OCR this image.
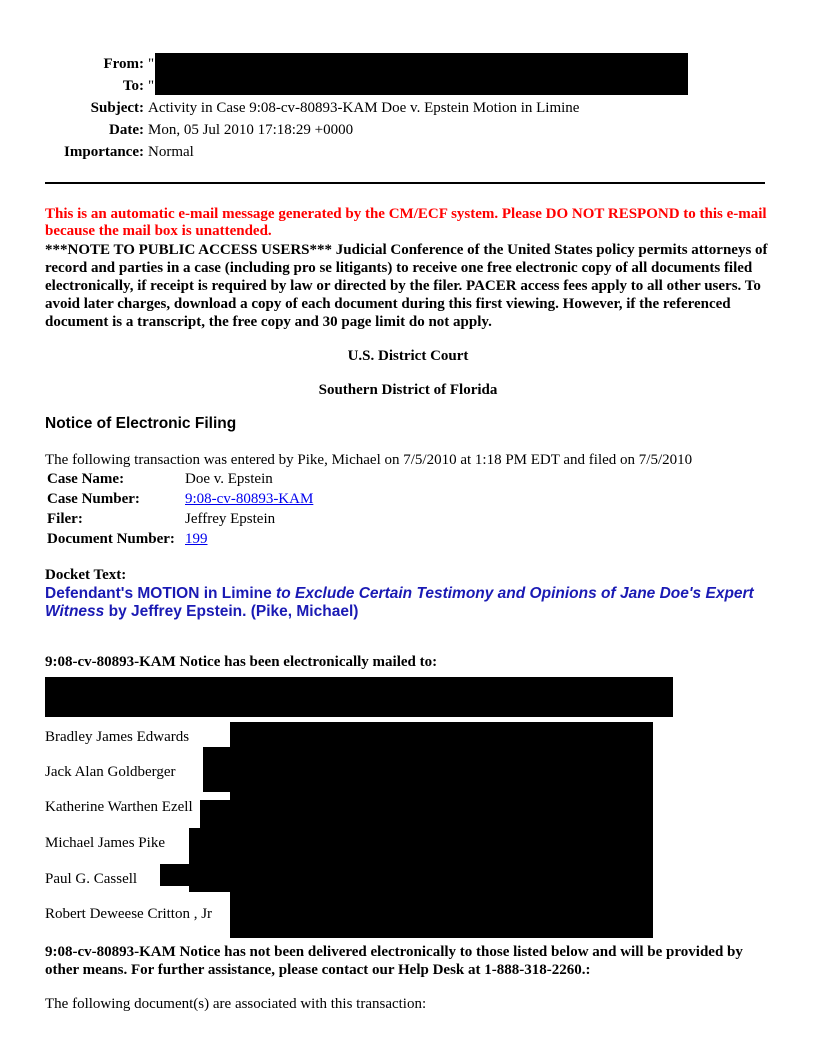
From: "
To: "
Subject: Activity in Case 9:08-cv-80893-KAM Doe v. Epstein Motion in Limine
Date: Mon, 05 Jul 2010 17:18:29 +0000
Importance: Normal
This is an automatic e-mail message generated by the CM/ECF system. Please DO NOT RESPOND to this e-mail because the mail box is unattended.
***NOTE TO PUBLIC ACCESS USERS*** Judicial Conference of the United States policy permits attorneys of record and parties in a case (including pro se litigants) to receive one free electronic copy of all documents filed electronically, if receipt is required by law or directed by the filer. PACER access fees apply to all other users. To avoid later charges, download a copy of each document during this first viewing. However, if the referenced document is a transcript, the free copy and 30 page limit do not apply.
U.S. District Court
Southern District of Florida
Notice of Electronic Filing
The following transaction was entered by Pike, Michael on 7/5/2010 at 1:18 PM EDT and filed on 7/5/2010
Case Name:	Doe v. Epstein
Case Number:	9:08-cv-80893-KAM
Filer:	Jeffrey Epstein
Document Number: 199
Docket Text:
Defendant's MOTION in Limine to Exclude Certain Testimony and Opinions of Jane Doe's Expert Witness by Jeffrey Epstein. (Pike, Michael)
9:08-cv-80893-KAM Notice has been electronically mailed to:
Bradley James Edwards
Jack Alan Goldberger
Katherine Warthen Ezell
Michael James Pike
Paul G. Cassell
Robert Deweese Critton , Jr
9:08-cv-80893-KAM Notice has not been delivered electronically to those listed below and will be provided by other means. For further assistance, please contact our Help Desk at 1-888-318-2260.:
The following document(s) are associated with this transaction:
